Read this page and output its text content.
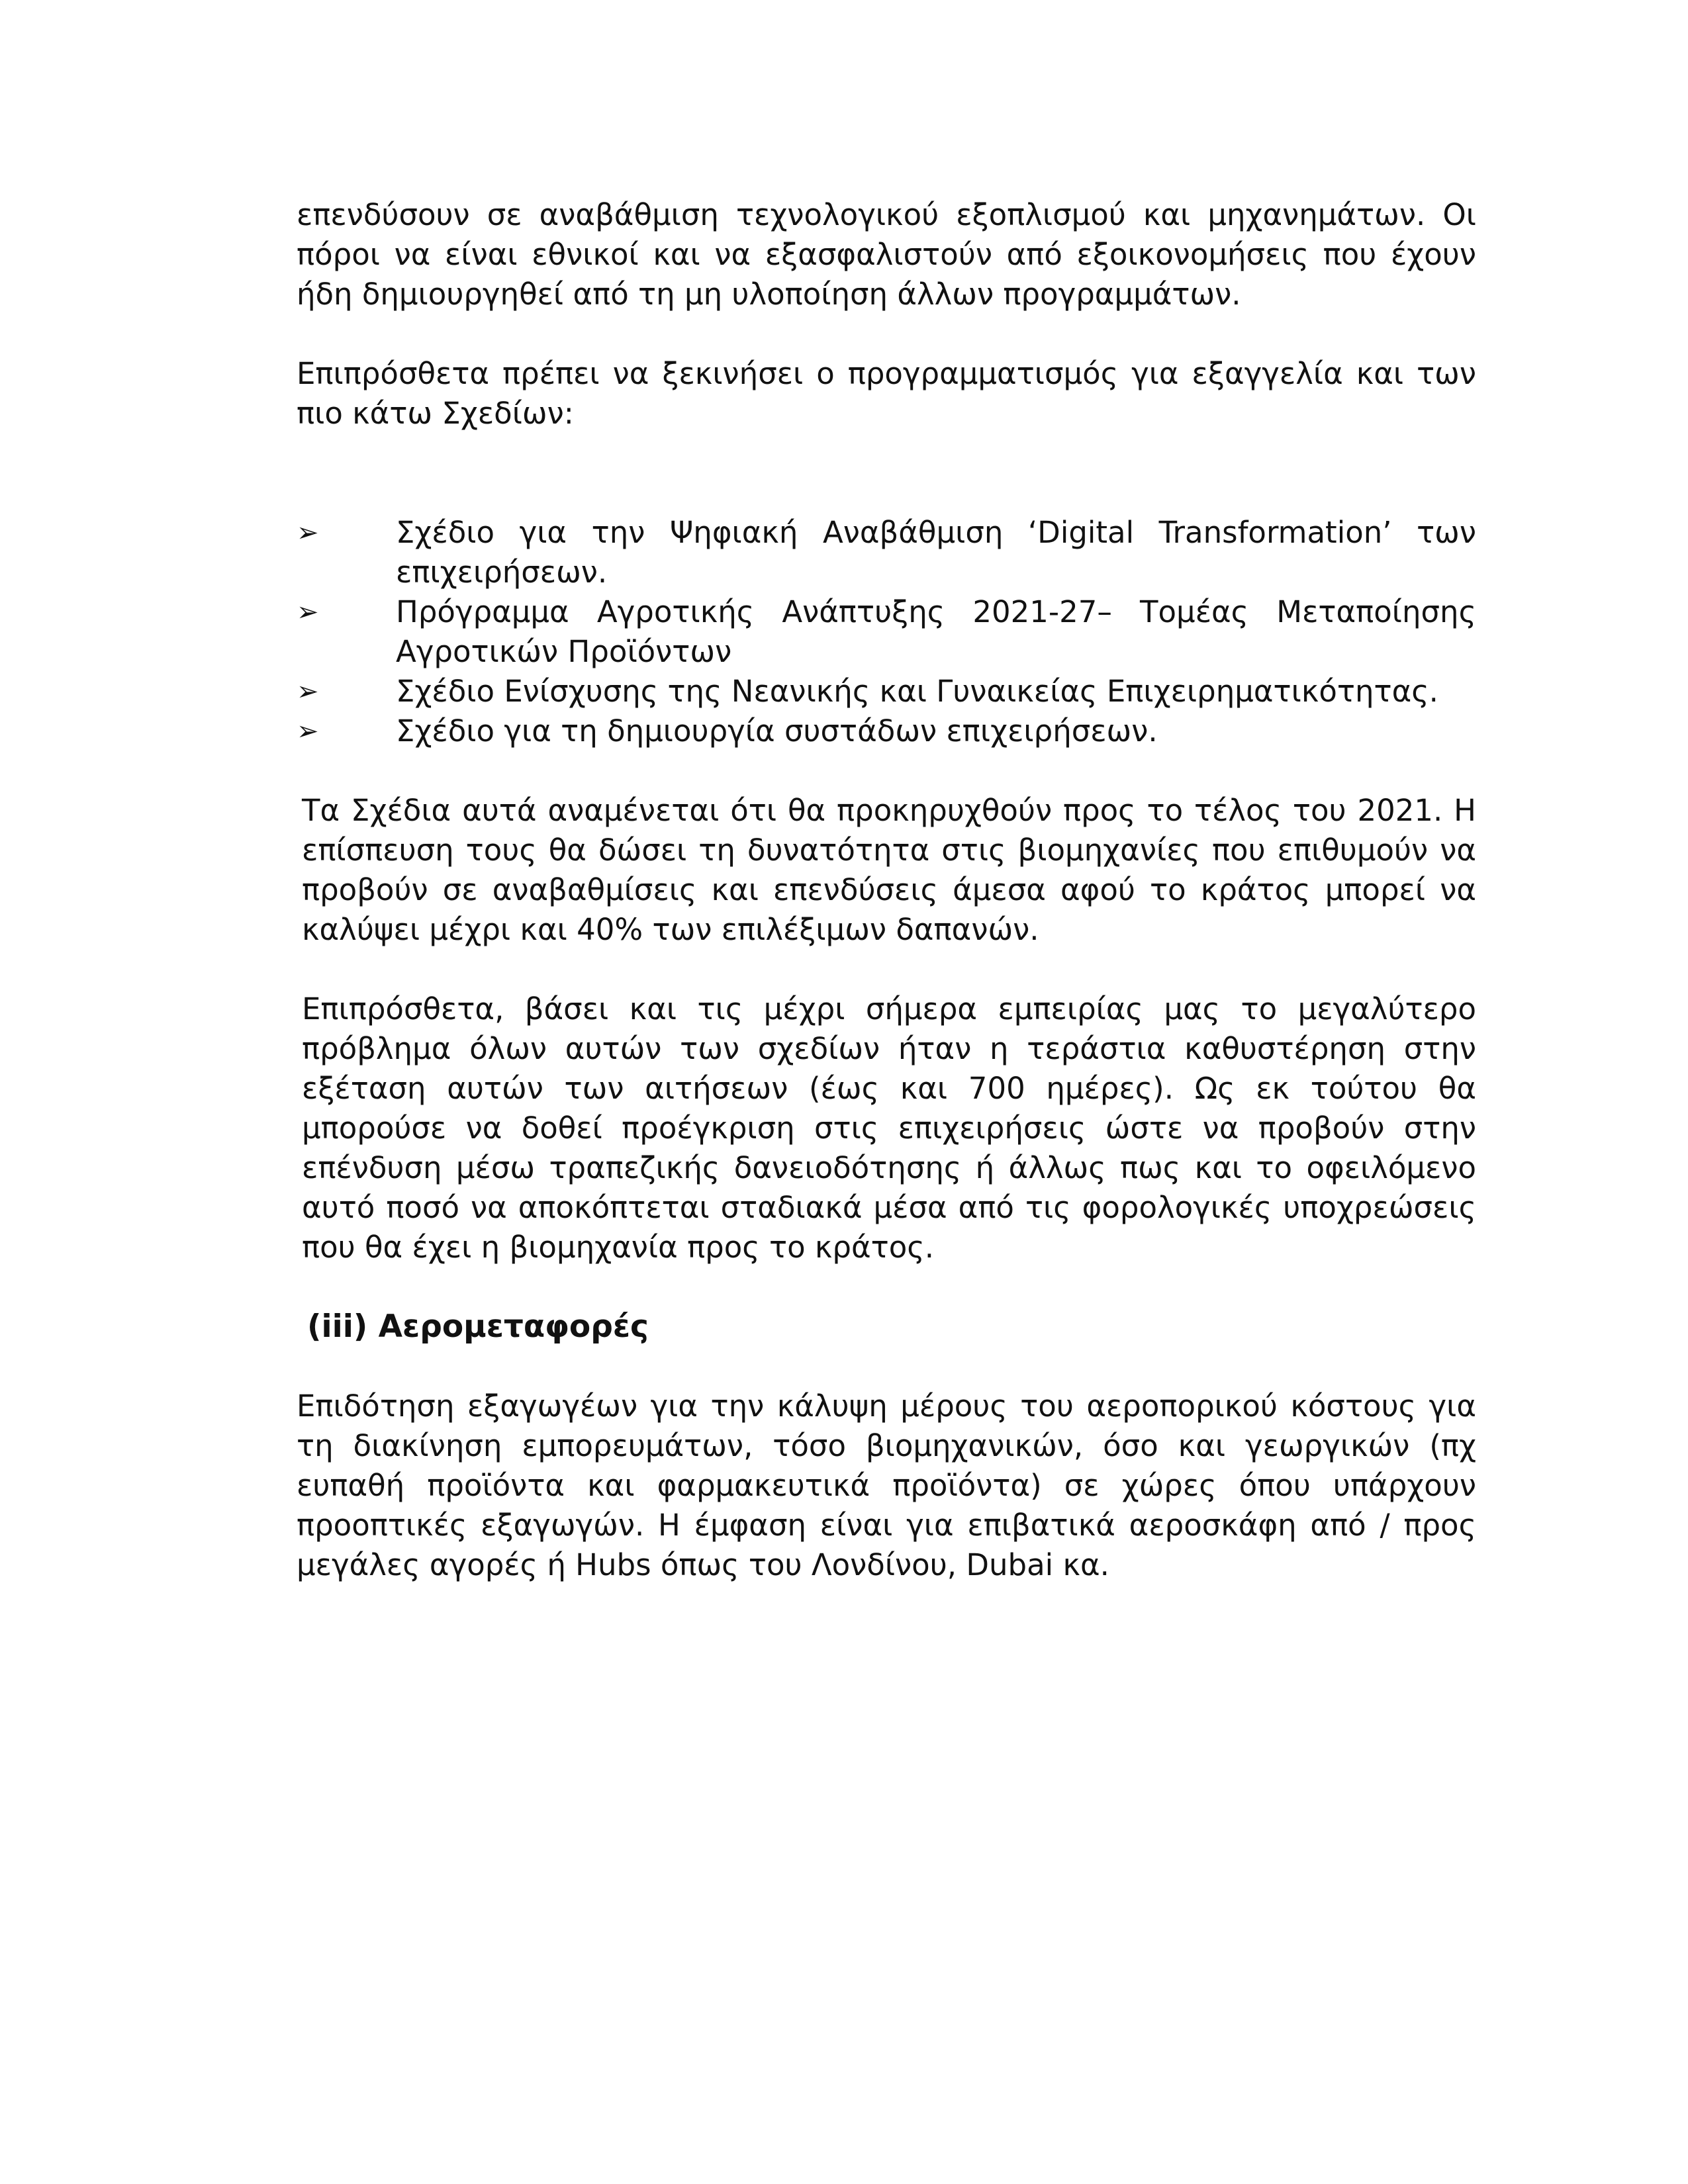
επενδύσουν σε αναβάθμιση τεχνολογικού εξοπλισμού και μηχανημάτων. Οι πόροι να είναι εθνικοί και να εξασφαλιστούν από εξοικονομήσεις που έχουν ήδη δημιουργηθεί από τη μη υλοποίηση άλλων προγραμμάτων.

Επιπρόσθετα πρέπει να ξεκινήσει ο προγραμματισμός για εξαγγελία και των πιο κάτω Σχεδίων:

➢	Σχέδιο για την Ψηφιακή Αναβάθμιση ‘Digital Transformation’ των επιχειρήσεων.
➢	Πρόγραμμα Αγροτικής Ανάπτυξης 2021-27– Τομέας Μεταποίησης Αγροτικών Προϊόντων
➢	Σχέδιο Ενίσχυσης της Νεανικής και Γυναικείας Επιχειρηματικότητας.
➢	Σχέδιο για τη δημιουργία συστάδων επιχειρήσεων.

Τα Σχέδια αυτά αναμένεται ότι θα προκηρυχθούν προς το τέλος του 2021. Η επίσπευση τους θα δώσει τη δυνατότητα στις βιομηχανίες που επιθυμούν να προβούν σε αναβαθμίσεις και επενδύσεις άμεσα αφού το κράτος μπορεί να καλύψει μέχρι και 40% των επιλέξιμων δαπανών.

Επιπρόσθετα, βάσει και τις μέχρι σήμερα εμπειρίας μας το μεγαλύτερο πρόβλημα όλων αυτών των σχεδίων ήταν η τεράστια καθυστέρηση στην εξέταση αυτών των αιτήσεων (έως και 700 ημέρες). Ως εκ τούτου θα μπορούσε να δοθεί προέγκριση στις επιχειρήσεις ώστε να προβούν στην επένδυση μέσω τραπεζικής δανειοδότησης ή άλλως πως και το οφειλόμενο αυτό ποσό να αποκόπτεται σταδιακά μέσα από τις φορολογικές υποχρεώσεις που θα έχει η βιομηχανία προς το κράτος.

(iii) Αερομεταφορές

Επιδότηση εξαγωγέων για την κάλυψη μέρους του αεροπορικού κόστους για τη διακίνηση εμπορευμάτων, τόσο βιομηχανικών, όσο και γεωργικών (πχ ευπαθή προϊόντα και φαρμακευτικά προϊόντα) σε χώρες όπου υπάρχουν προοπτικές εξαγωγών. Η έμφαση είναι για επιβατικά αεροσκάφη από / προς μεγάλες αγορές ή Hubs όπως του Λονδίνου, Dubai κα.
